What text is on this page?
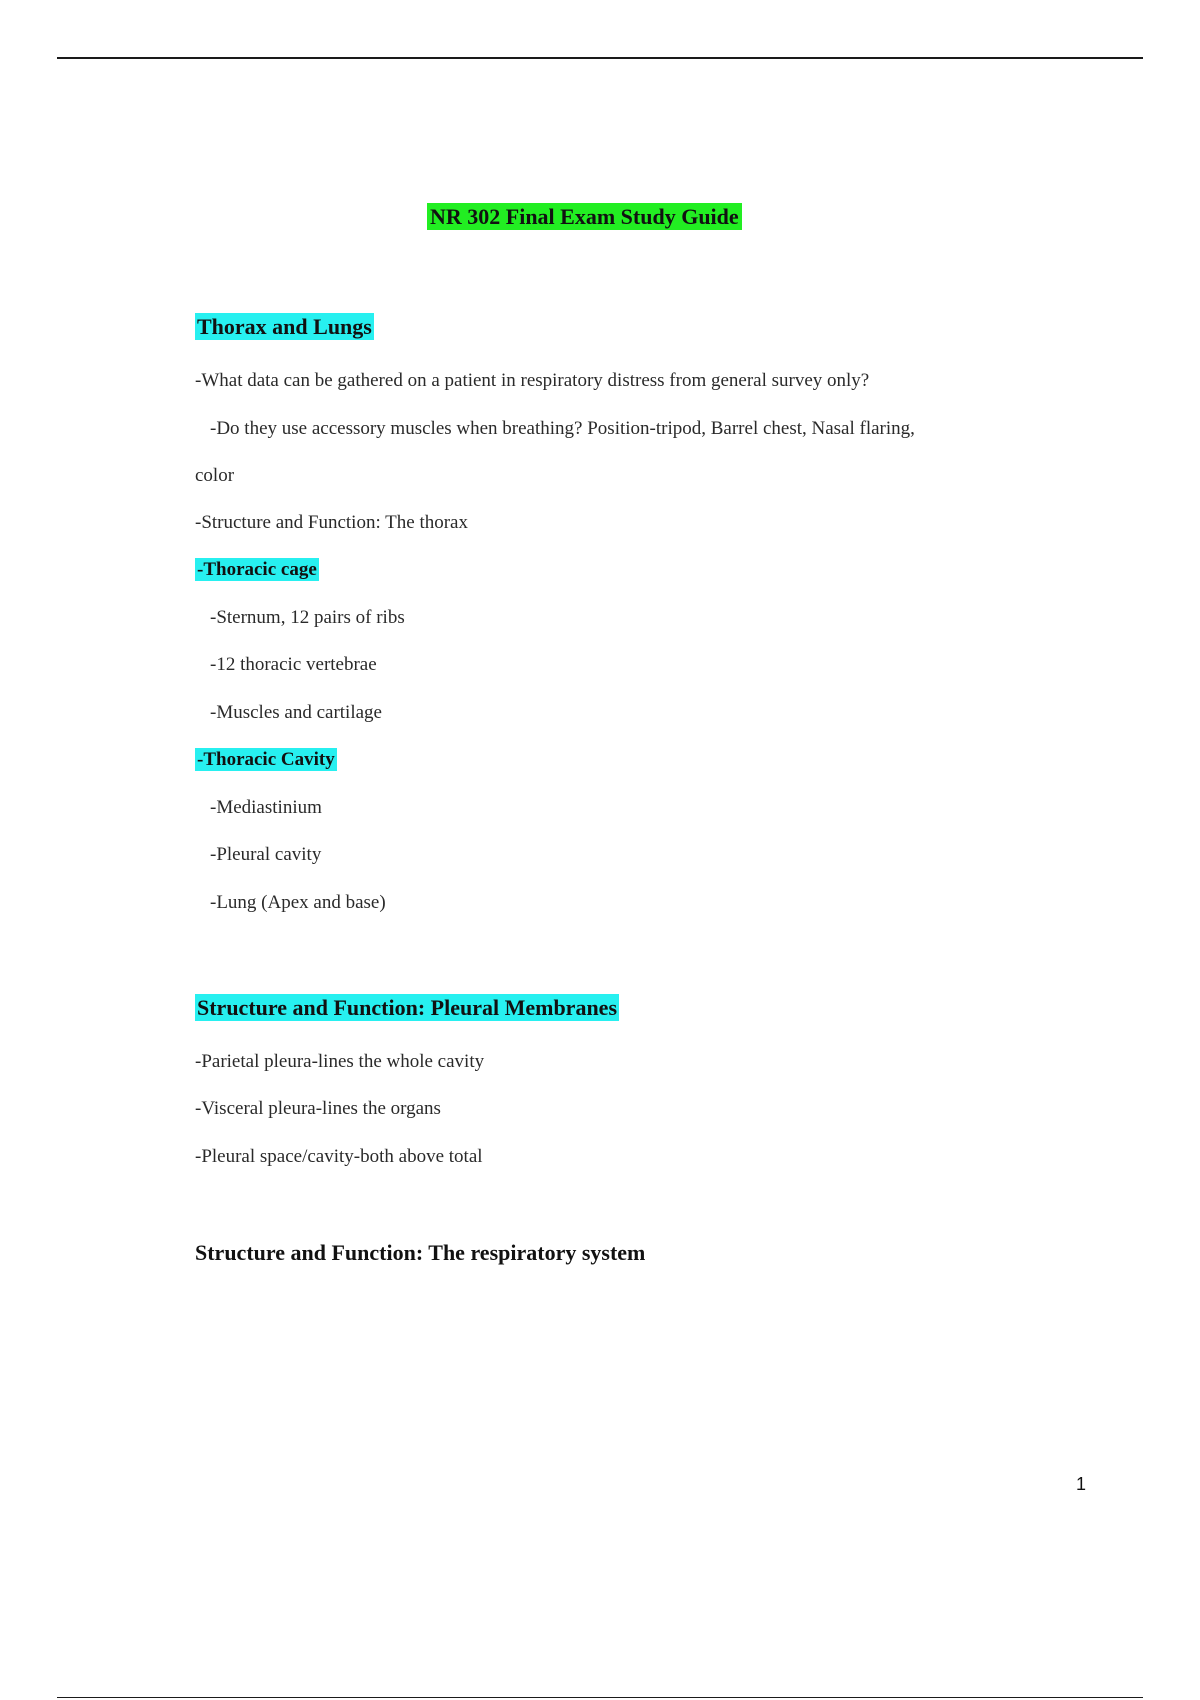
NR 302 Final Exam Study Guide
Thorax and Lungs
-What data can be gathered on a patient in respiratory distress from general survey only?
-Do they use accessory muscles when breathing? Position-tripod, Barrel chest, Nasal flaring,
color
-Structure and Function: The thorax
-Thoracic cage
-Sternum, 12 pairs of ribs
-12 thoracic vertebrae
-Muscles and cartilage
-Thoracic Cavity
-Mediastinium
-Pleural cavity
-Lung (Apex and base)
Structure and Function: Pleural Membranes
-Parietal pleura-lines the whole cavity
-Visceral pleura-lines the organs
-Pleural space/cavity-both above total
Structure and Function: The respiratory system
1
